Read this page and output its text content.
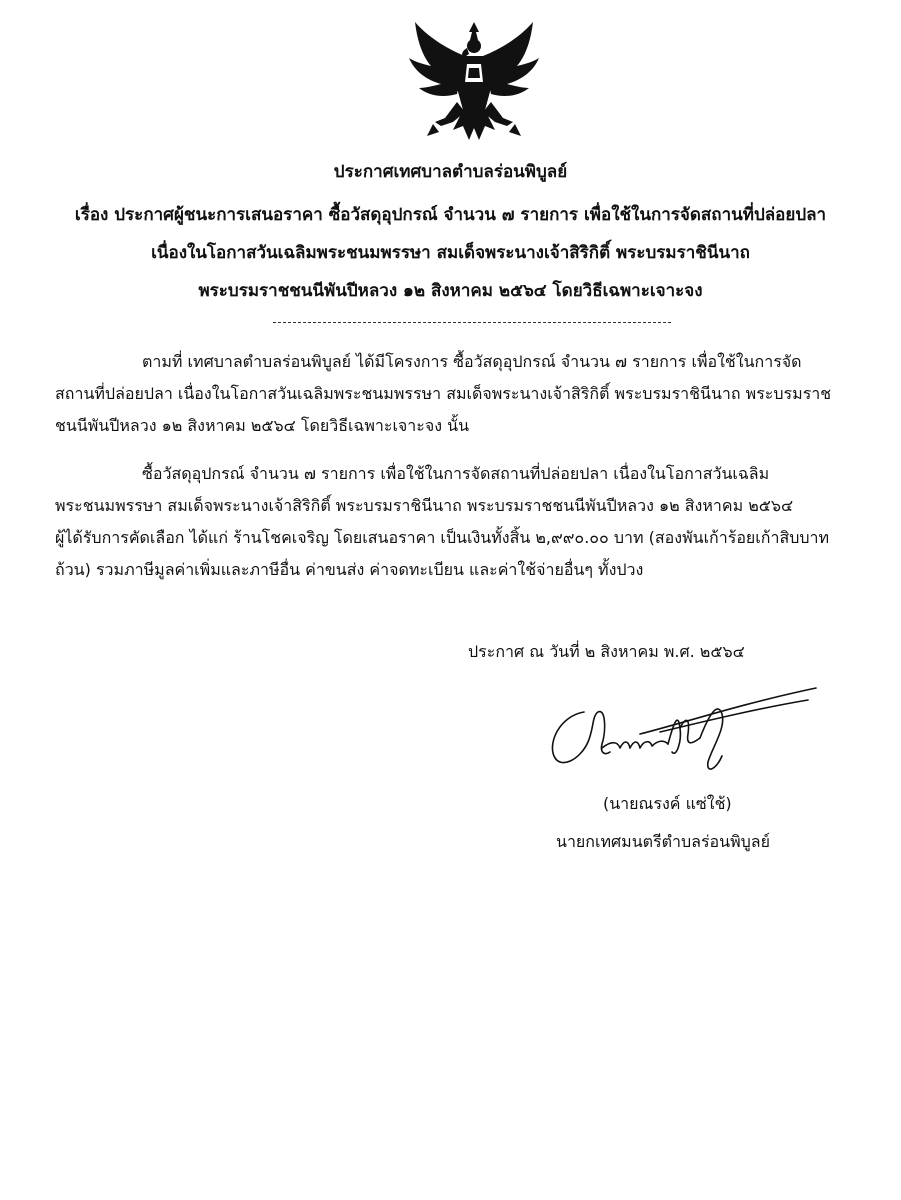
ประกาศเทศบาลตำบลร่อนพิบูลย์
เรื่อง ประกาศผู้ชนะการเสนอราคา ซื้อวัสดุอุปกรณ์ จำนวน ๗ รายการ เพื่อใช้ในการจัดสถานที่ปล่อยปลา
เนื่องในโอกาสวันเฉลิมพระชนมพรรษา สมเด็จพระนางเจ้าสิริกิติ์ พระบรมราชินีนาถ
พระบรมราชชนนีพันปีหลวง ๑๒ สิงหาคม ๒๕๖๔ โดยวิธีเฉพาะเจาะจง
ตามที่ เทศบาลตำบลร่อนพิบูลย์ ได้มีโครงการ ซื้อวัสดุอุปกรณ์ จำนวน ๗ รายการ เพื่อใช้ในการจัด
สถานที่ปล่อยปลา เนื่องในโอกาสวันเฉลิมพระชนมพรรษา สมเด็จพระนางเจ้าสิริกิติ์ พระบรมราชินีนาถ พระบรมราช
ชนนีพันปีหลวง ๑๒ สิงหาคม ๒๕๖๔ โดยวิธีเฉพาะเจาะจง นั้น
ซื้อวัสดุอุปกรณ์ จำนวน ๗ รายการ เพื่อใช้ในการจัดสถานที่ปล่อยปลา เนื่องในโอกาสวันเฉลิม
พระชนมพรรษา สมเด็จพระนางเจ้าสิริกิติ์ พระบรมราชินีนาถ พระบรมราชชนนีพันปีหลวง ๑๒ สิงหาคม ๒๕๖๔
ผู้ได้รับการคัดเลือก ได้แก่ ร้านโชคเจริญ โดยเสนอราคา เป็นเงินทั้งสิ้น ๒,๙๙๐.๐๐ บาท (สองพันเก้าร้อยเก้าสิบบาท
ถ้วน) รวมภาษีมูลค่าเพิ่มและภาษีอื่น ค่าขนส่ง ค่าจดทะเบียน และค่าใช้จ่ายอื่นๆ ทั้งปวง
ประกาศ ณ วันที่ ๒ สิงหาคม พ.ศ. ๒๕๖๔
(นายณรงค์ แซ่ใช้)
นายกเทศมนตรีตำบลร่อนพิบูลย์
